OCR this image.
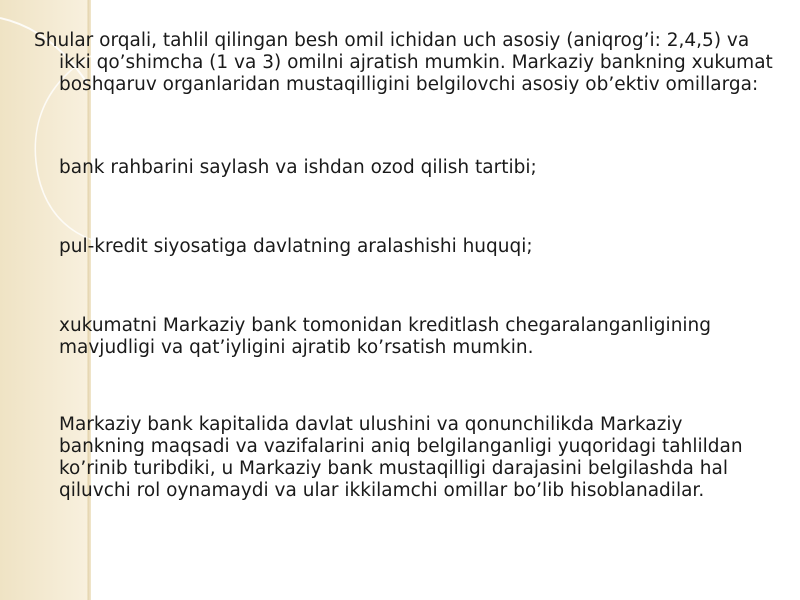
Shular orqali, tahlil qilingan besh omil ichidan uch asosiy (aniqrog’i: 2,4,5) va ikki qo’shimcha (1 va 3) omilni ajratish mumkin. Markaziy bankning xukumat boshqaruv organlaridan mustaqilligini belgilovchi asosiy ob’ektiv omillarga:

bank rahbarini saylash va ishdan ozod qilish tartibi;

pul-kredit siyosatiga davlatning aralashishi huquqi;

xukumatni Markaziy bank tomonidan kreditlash chegaralanganligining mavjudligi va qat’iyligini ajratib ko’rsatish mumkin.

Markaziy bank kapitalida davlat ulushini va qonunchilikda Markaziy bankning maqsadi va vazifalarini aniq belgilanganligi yuqoridagi tahlildan ko’rinib turibdiki, u Markaziy bank mustaqilligi darajasini belgilashda hal qiluvchi rol oynamaydi va ular ikkilamchi omillar bo’lib hisoblanadilar.
